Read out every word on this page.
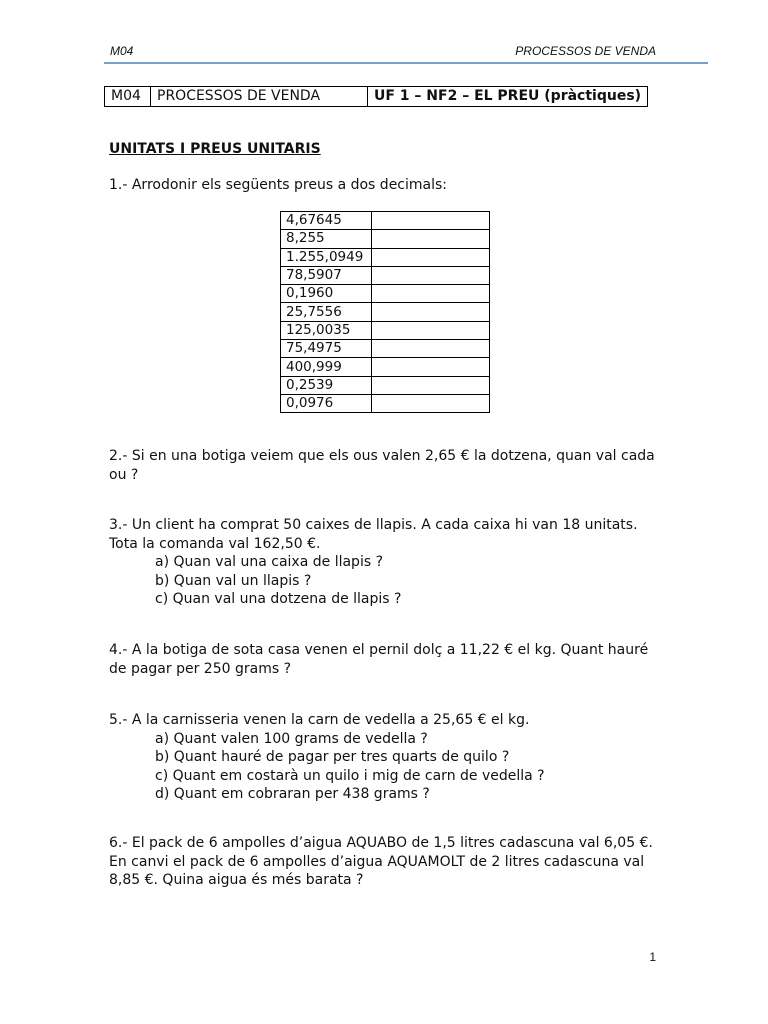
M04	PROCESSOS DE VENDA
M04	PROCESSOS DE VENDA	UF 1 – NF2 – EL PREU (pràctiques)
UNITATS I PREUS UNITARIS
1.- Arrodonir els següents preus a dos decimals:
4,67645	
8,255	
1.255,0949	
78,5907	
0,1960	
25,7556	
125,0035	
75,4975	
400,999	
0,2539	
0,0976	
2.- Si en una botiga veiem que els ous valen 2,65 € la dotzena, quan val cada ou ?
3.- Un client ha comprat 50 caixes de llapis. A cada caixa hi van 18 unitats. Tota la comanda val 162,50 €.
a) Quan val una caixa de llapis ?
b) Quan val un llapis ?
c) Quan val una dotzena de llapis ?
4.- A la botiga de sota casa venen el pernil dolç a 11,22 € el kg. Quant hauré de pagar per 250 grams ?
5.- A la carnisseria venen la carn de vedella a 25,65 € el kg.
a) Quant valen 100 grams de vedella ?
b) Quant hauré de pagar per tres quarts de quilo ?
c) Quant em costarà un quilo i mig de carn de vedella ?
d) Quant em cobraran per 438 grams ?
6.- El pack de 6 ampolles d’aigua AQUABO de 1,5 litres cadascuna val 6,05 €. En canvi el pack de 6 ampolles d’aigua AQUAMOLT de 2 litres cadascuna val 8,85 €. Quina aigua és més barata ?
1
